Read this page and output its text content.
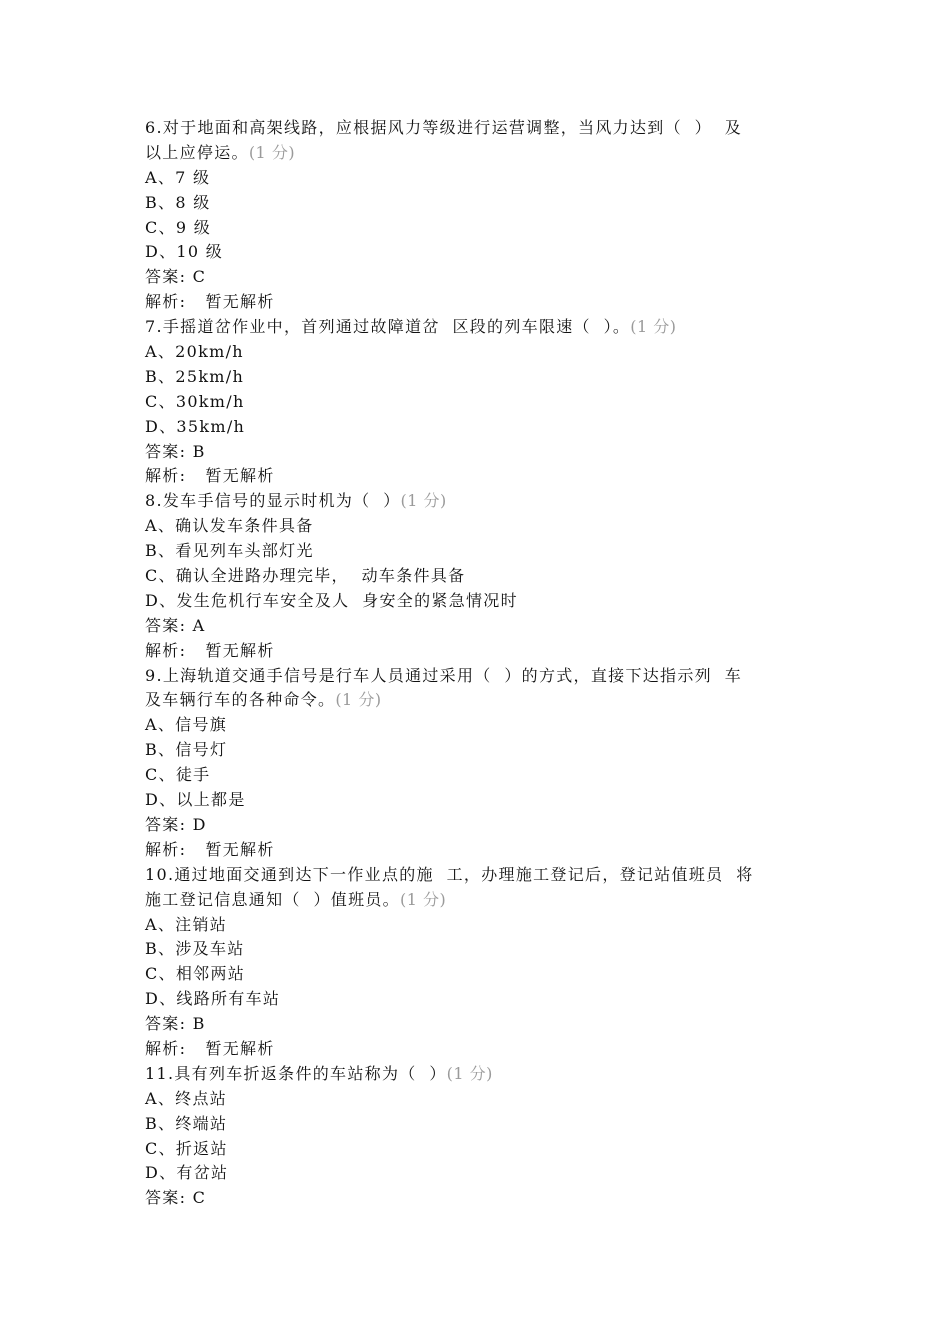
6.对于地面和高架线路，应根据风力等级进行运营调整，当风力达到（  ）  及
以上应停运。(1 分)
A、7 级
B、8 级
C、9 级
D、10 级
答案: C
解析:   暂无解析
7.手摇道岔作业中，首列通过故障道岔  区段的列车限速（  ）。(1 分)
A、20km/h
B、25km/h
C、30km/h
D、35km/h
答案: B
解析:   暂无解析
8.发车手信号的显示时机为（  ）(1 分)
A、确认发车条件具备
B、看见列车头部灯光
C、确认全进路办理完毕，  动车条件具备
D、发生危机行车安全及人  身安全的紧急情况时
答案: A
解析:   暂无解析
9.上海轨道交通手信号是行车人员通过采用（  ）的方式，直接下达指示列  车
及车辆行车的各种命令。(1 分)
A、信号旗
B、信号灯
C、徒手
D、以上都是
答案: D
解析:   暂无解析
10.通过地面交通到达下一作业点的施  工，办理施工登记后，登记站值班员  将
施工登记信息通知（  ）值班员。(1 分)
A、注销站
B、涉及车站
C、相邻两站
D、线路所有车站
答案: B
解析:   暂无解析
11.具有列车折返条件的车站称为（  ）(1 分)
A、终点站
B、终端站
C、折返站
D、有岔站
答案: C
